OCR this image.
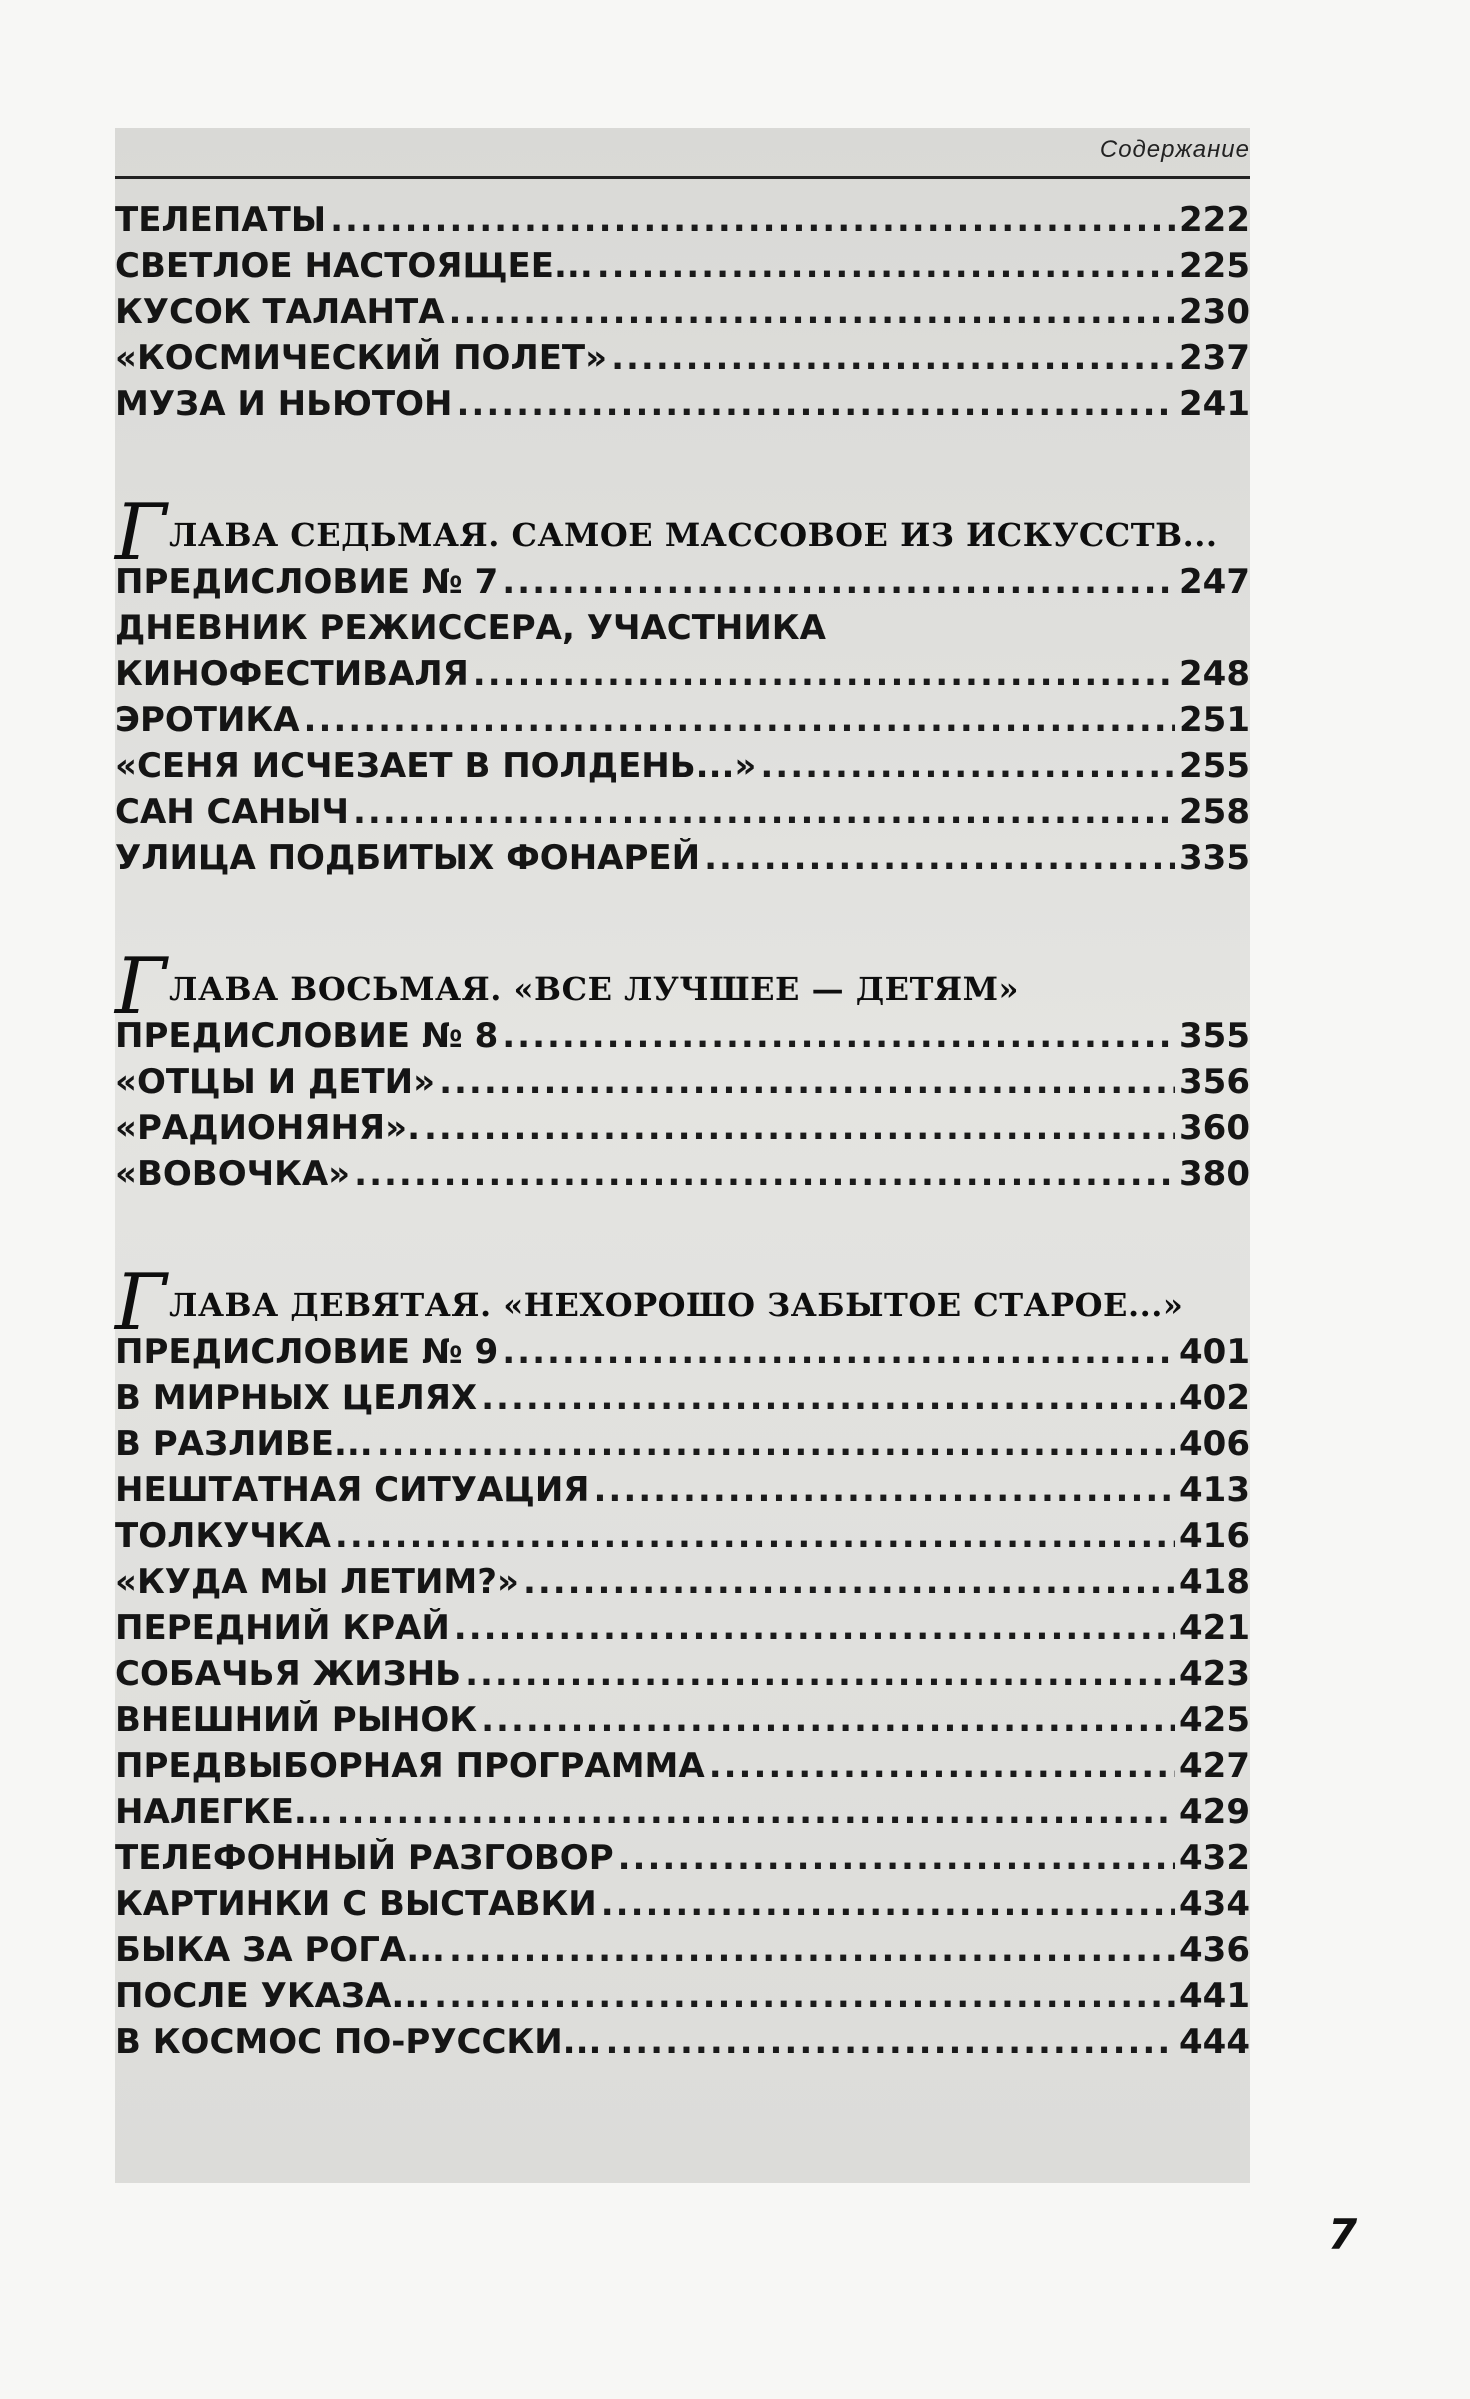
Содержание
ТЕЛЕПАТЫ .....	222
СВЕТЛОЕ НАСТОЯЩЕЕ... .....	225
КУСОК ТАЛАНТА .....	230
«КОСМИЧЕСКИЙ ПОЛЕТ» .....	237
МУЗА И НЬЮТОН .....	241
Г ЛАВА СЕДЬМАЯ. САМОЕ МАССОВОЕ ИЗ ИСКУССТВ...
ПРЕДИСЛОВИЕ № 7 .....	247
ДНЕВНИК РЕЖИССЕРА, УЧАСТНИКА
КИНОФЕСТИВАЛЯ .....	248
ЭРОТИКА .....	251
«СЕНЯ ИСЧЕЗАЕТ В ПОЛДЕНЬ...» .....	255
САН САНЫЧ .....	258
УЛИЦА ПОДБИТЫХ ФОНАРЕЙ .....	335
Г ЛАВА ВОСЬМАЯ. «ВСЕ ЛУЧШЕЕ — ДЕТЯМ»
ПРЕДИСЛОВИЕ № 8 .....	355
«ОТЦЫ И ДЕТИ» .....	356
«РАДИОНЯНЯ». .....	360
«ВОВОЧКА» .....	380
Г ЛАВА ДЕВЯТАЯ. «НЕХОРОШО ЗАБЫТОЕ СТАРОЕ...»
ПРЕДИСЛОВИЕ № 9 .....	401
В МИРНЫХ ЦЕЛЯХ .....	402
В РАЗЛИВЕ... .....	406
НЕШТАТНАЯ СИТУАЦИЯ .....	413
ТОЛКУЧКА .....	416
«КУДА МЫ ЛЕТИМ?» .....	418
ПЕРЕДНИЙ КРАЙ .....	421
СОБАЧЬЯ ЖИЗНЬ .....	423
ВНЕШНИЙ РЫНОК .....	425
ПРЕДВЫБОРНАЯ ПРОГРАММА .....	427
НАЛЕГКЕ... .....	429
ТЕЛЕФОННЫЙ РАЗГОВОР .....	432
КАРТИНКИ С ВЫСТАВКИ .....	434
БЫКА ЗА РОГА... .....	436
ПОСЛЕ УКАЗА... .....	441
В КОСМОС ПО-РУССКИ... .....	444
7
